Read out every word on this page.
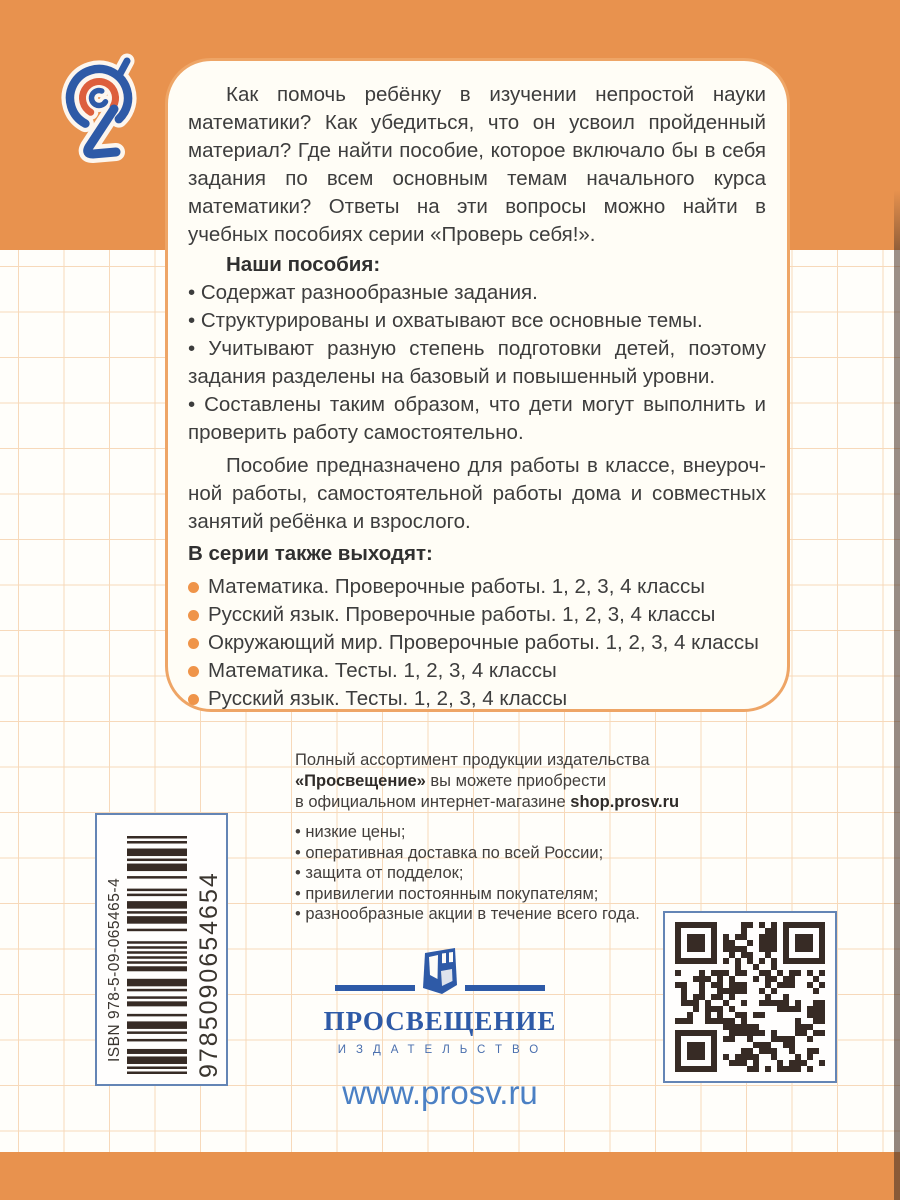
Как помочь ребёнку в изучении непростой науки математики? Как убедиться, что он усвоил пройденный материал? Где найти пособие, которое включало бы в себя задания по всем основным темам начального курса математики? Ответы на эти вопросы можно найти в учебных пособиях серии «Проверь себя!».

Наши пособия:

• Содержат разнообразные задания.

• Структурированы и охватывают все основные темы.

• Учитывают разную степень подготовки детей, поэтому задания разделены на базовый и повышенный уровни.

• Составлены таким образом, что дети могут выполнить и проверить работу самостоятельно.

Пособие предназначено для работы в классе, внеурочной работы, самостоятельной работы дома и совместных занятий ребёнка и взрослого.

В серии также выходят:

Математика. Проверочные работы. 1, 2, 3, 4 классы

Русский язык. Проверочные работы. 1, 2, 3, 4 классы

Окружающий мир. Проверочные работы. 1, 2, 3, 4 классы

Математика. Тесты. 1, 2, 3, 4 классы

Русский язык. Тесты. 1, 2, 3, 4 классы

Полный ассортимент продукции издательства
«Просвещение» вы можете приобрести
в официальном интернет-магазине shop.prosv.ru

• низкие цены;

• оперативная доставка по всей России;

• защита от подделок;

• привилегии постоянным покупателям;

• разнообразные акции в течение всего года.

ISBN 978-5-09-065465-4	9785090654654	ПРОСВЕЩЕНИЕ
ИЗДАТЕЛЬСТВО
www.prosv.ru
